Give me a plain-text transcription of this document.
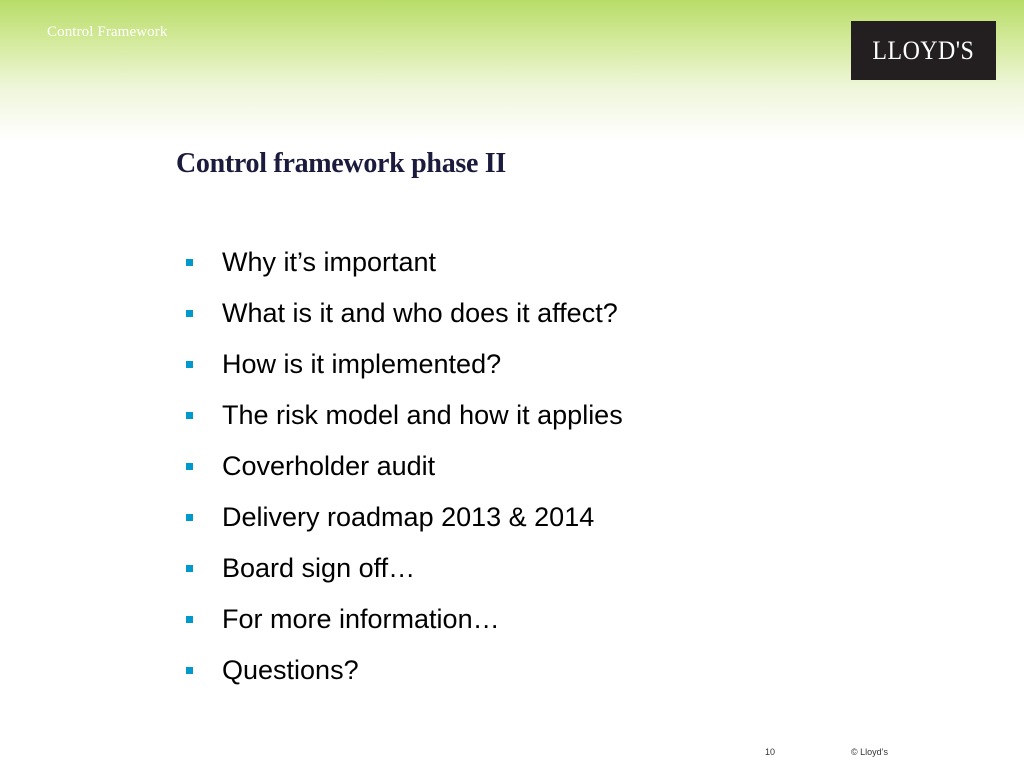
Control Framework
LLOYD'S
Control framework phase II
Why it’s important
What is it and who does it affect?
How is it implemented?
The risk model and how it applies
Coverholder audit
Delivery roadmap 2013 & 2014
Board sign off…
For more information…
Questions?
10	© Lloyd’s
